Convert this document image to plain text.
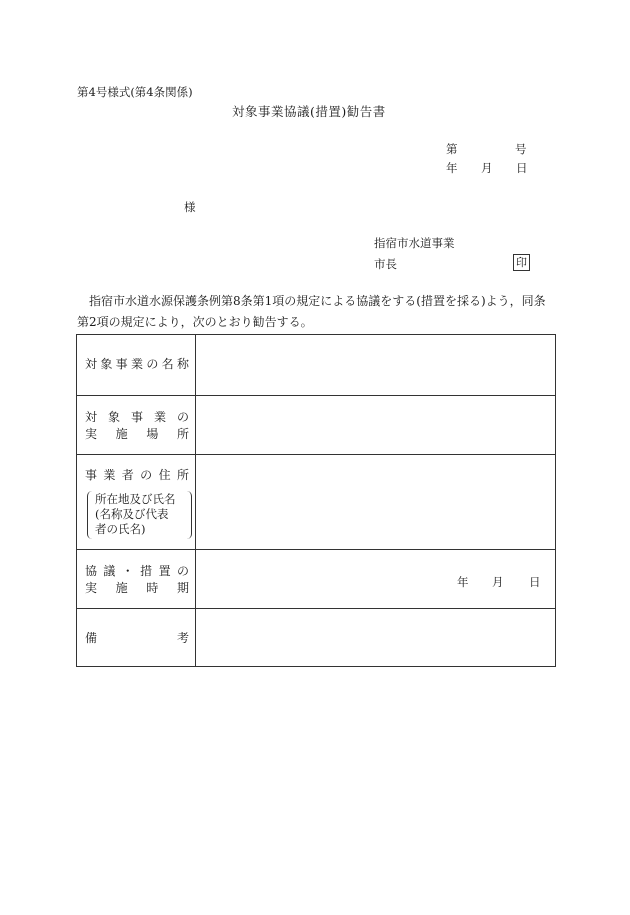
第4号様式(第4条関係)
対象事業協議(措置)勧告書
第	号
年 月 日
様
指宿市水道事業
市長	印
指宿市水道水源保護条例第8条第1項の規定による協議をする(措置を採る)よう，同条第2項の規定により，次のとおり勧告する。
対 象 事 業 の 名 称
対 象 事 業 の
実 施 場 所
事 業 者 の 住 所
所在地及び氏名
(名称及び代表
者の氏名)
協 議 ・ 措 置 の
実 施 時 期	年 月 日
備	考
